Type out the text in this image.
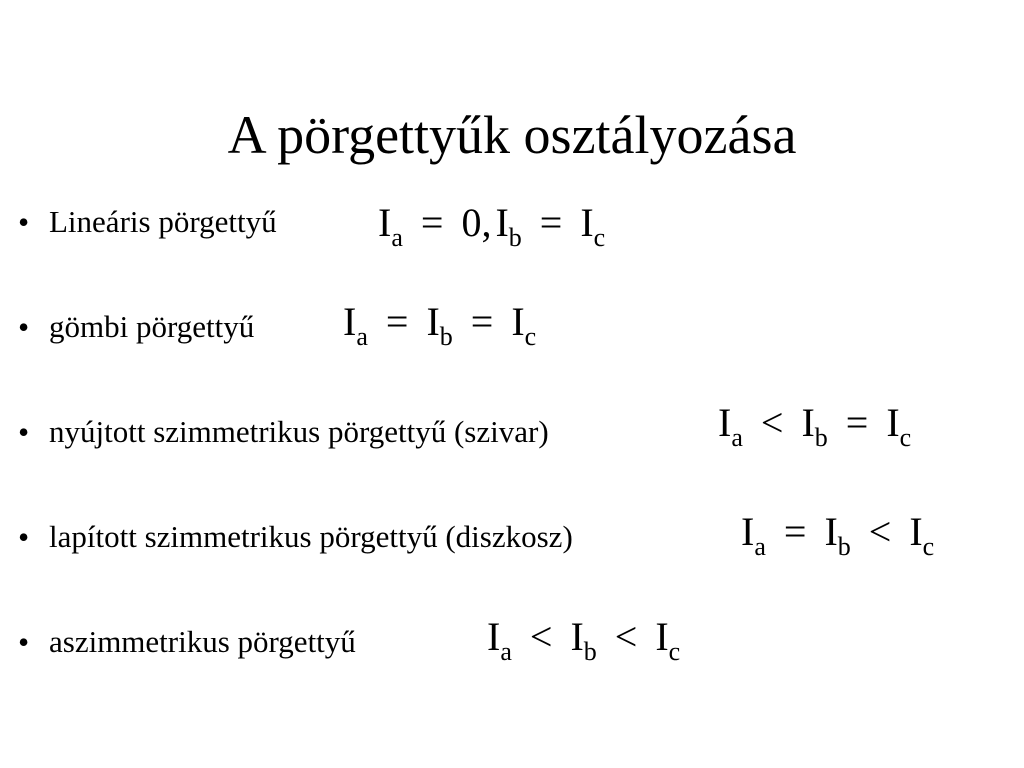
A pörgettyűk osztályozása
• Lineáris pörgettyű	$I_a = 0$, $I_b = I_c$
• gömbi pörgettyű $I_a = I_b = I_c$
• nyújtott szimmetrikus pörgettyű (szivar)	$I_a < I_b = I_c$
• lapított szimmetrikus pörgettyű (diszkosz)	$I_a = I_b < I_c$
• aszimmetrikus pörgettyű	$I_a < I_b < I_c$
